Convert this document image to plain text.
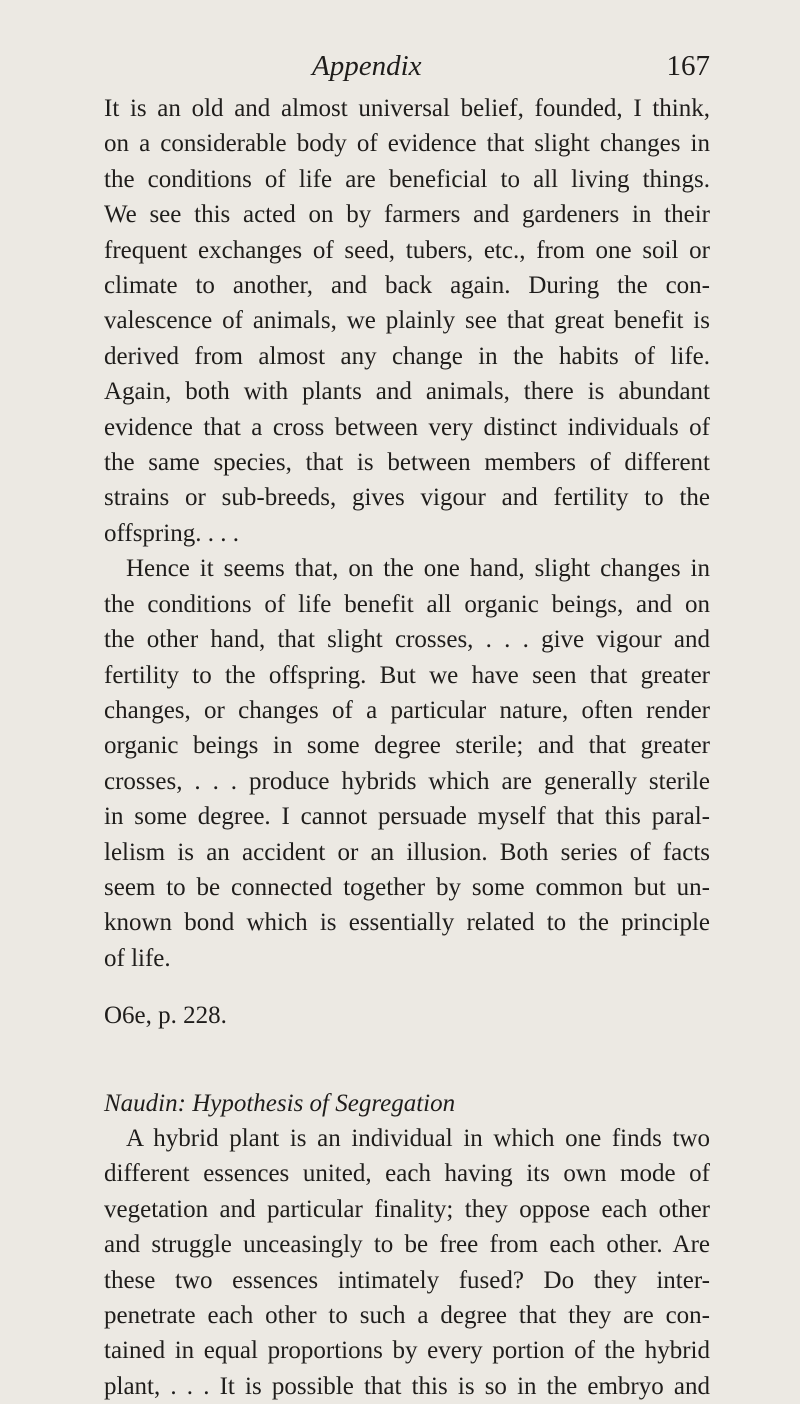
Appendix	167
It is an old and almost universal belief, founded, I think,
on a considerable body of evidence that slight changes in
the conditions of life are beneficial to all living things.
We see this acted on by farmers and gardeners in their
frequent exchanges of seed, tubers, etc., from one soil or
climate to another, and back again. During the con-
valescence of animals, we plainly see that great benefit is
derived from almost any change in the habits of life.
Again, both with plants and animals, there is abundant
evidence that a cross between very distinct individuals of
the same species, that is between members of different
strains or sub-breeds, gives vigour and fertility to the
offspring. . . .
Hence it seems that, on the one hand, slight changes in
the conditions of life benefit all organic beings, and on
the other hand, that slight crosses, . . . give vigour and
fertility to the offspring. But we have seen that greater
changes, or changes of a particular nature, often render
organic beings in some degree sterile; and that greater
crosses, . . . produce hybrids which are generally sterile
in some degree. I cannot persuade myself that this paral-
lelism is an accident or an illusion. Both series of facts
seem to be connected together by some common but un-
known bond which is essentially related to the principle
of life.
O6e, p. 228.
Naudin: Hypothesis of Segregation
A hybrid plant is an individual in which one finds two
different essences united, each having its own mode of
vegetation and particular finality; they oppose each other
and struggle unceasingly to be free from each other. Are
these two essences intimately fused? Do they inter-
penetrate each other to such a degree that they are con-
tained in equal proportions by every portion of the hybrid
plant, . . . It is possible that this is so in the embryo and
